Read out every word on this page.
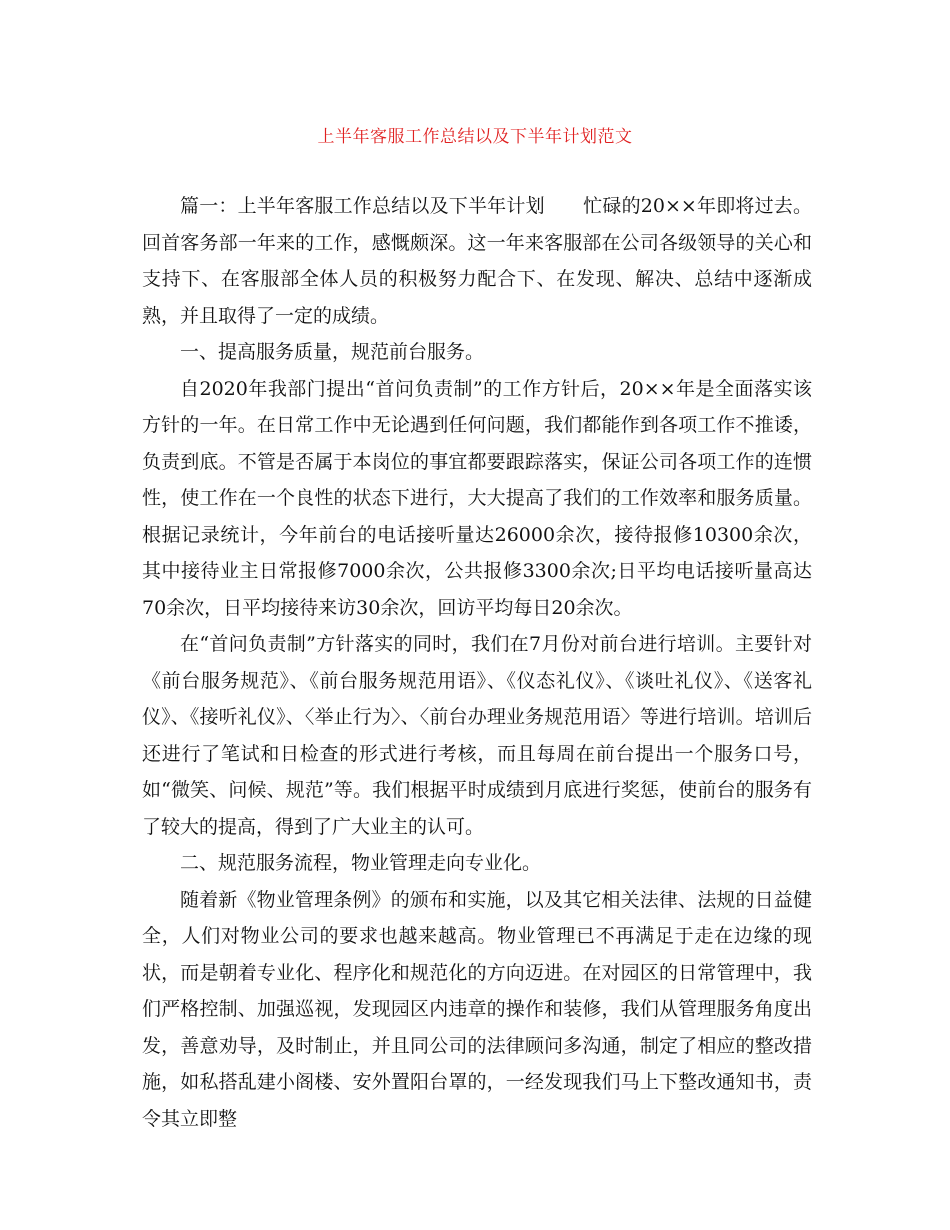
上半年客服工作总结以及下半年计划范文

篇一：上半年客服工作总结以及下半年计划　　忙碌的20××年即将过去。回首客务部一年来的工作，感慨颇深。这一年来客服部在公司各级领导的关心和支持下、在客服部全体人员的积极努力配合下、在发现、解决、总结中逐渐成熟，并且取得了一定的成绩。

一、提高服务质量，规范前台服务。

自2020年我部门提出“首问负责制”的工作方针后，20××年是全面落实该方针的一年。在日常工作中无论遇到任何问题，我们都能作到各项工作不推诿，负责到底。不管是否属于本岗位的事宜都要跟踪落实，保证公司各项工作的连惯性，使工作在一个良性的状态下进行，大大提高了我们的工作效率和服务质量。根据记录统计，今年前台的电话接听量达26000余次，接待报修10300余次，其中接待业主日常报修7000余次，公共报修3300余次;日平均电话接听量高达70余次，日平均接待来访30余次，回访平均每日20余次。

在“首问负责制”方针落实的同时，我们在7月份对前台进行培训。主要针对《前台服务规范》、《前台服务规范用语》、《仪态礼仪》、《谈吐礼仪》、《送客礼仪》、《接听礼仪》、〈举止行为〉、〈前台办理业务规范用语〉等进行培训。培训后还进行了笔试和日检查的形式进行考核，而且每周在前台提出一个服务口号，如“微笑、问候、规范”等。我们根据平时成绩到月底进行奖惩，使前台的服务有了较大的提高，得到了广大业主的认可。

二、规范服务流程，物业管理走向专业化。

随着新《物业管理条例》的颁布和实施，以及其它相关法律、法规的日益健全，人们对物业公司的要求也越来越高。物业管理已不再满足于走在边缘的现状，而是朝着专业化、程序化和规范化的方向迈进。在对园区的日常管理中，我们严格控制、加强巡视，发现园区内违章的操作和装修，我们从管理服务角度出发，善意劝导，及时制止，并且同公司的法律顾问多沟通，制定了相应的整改措施，如私搭乱建小阁楼、安外置阳台罩的，一经发现我们马上下整改通知书，责令其立即整
